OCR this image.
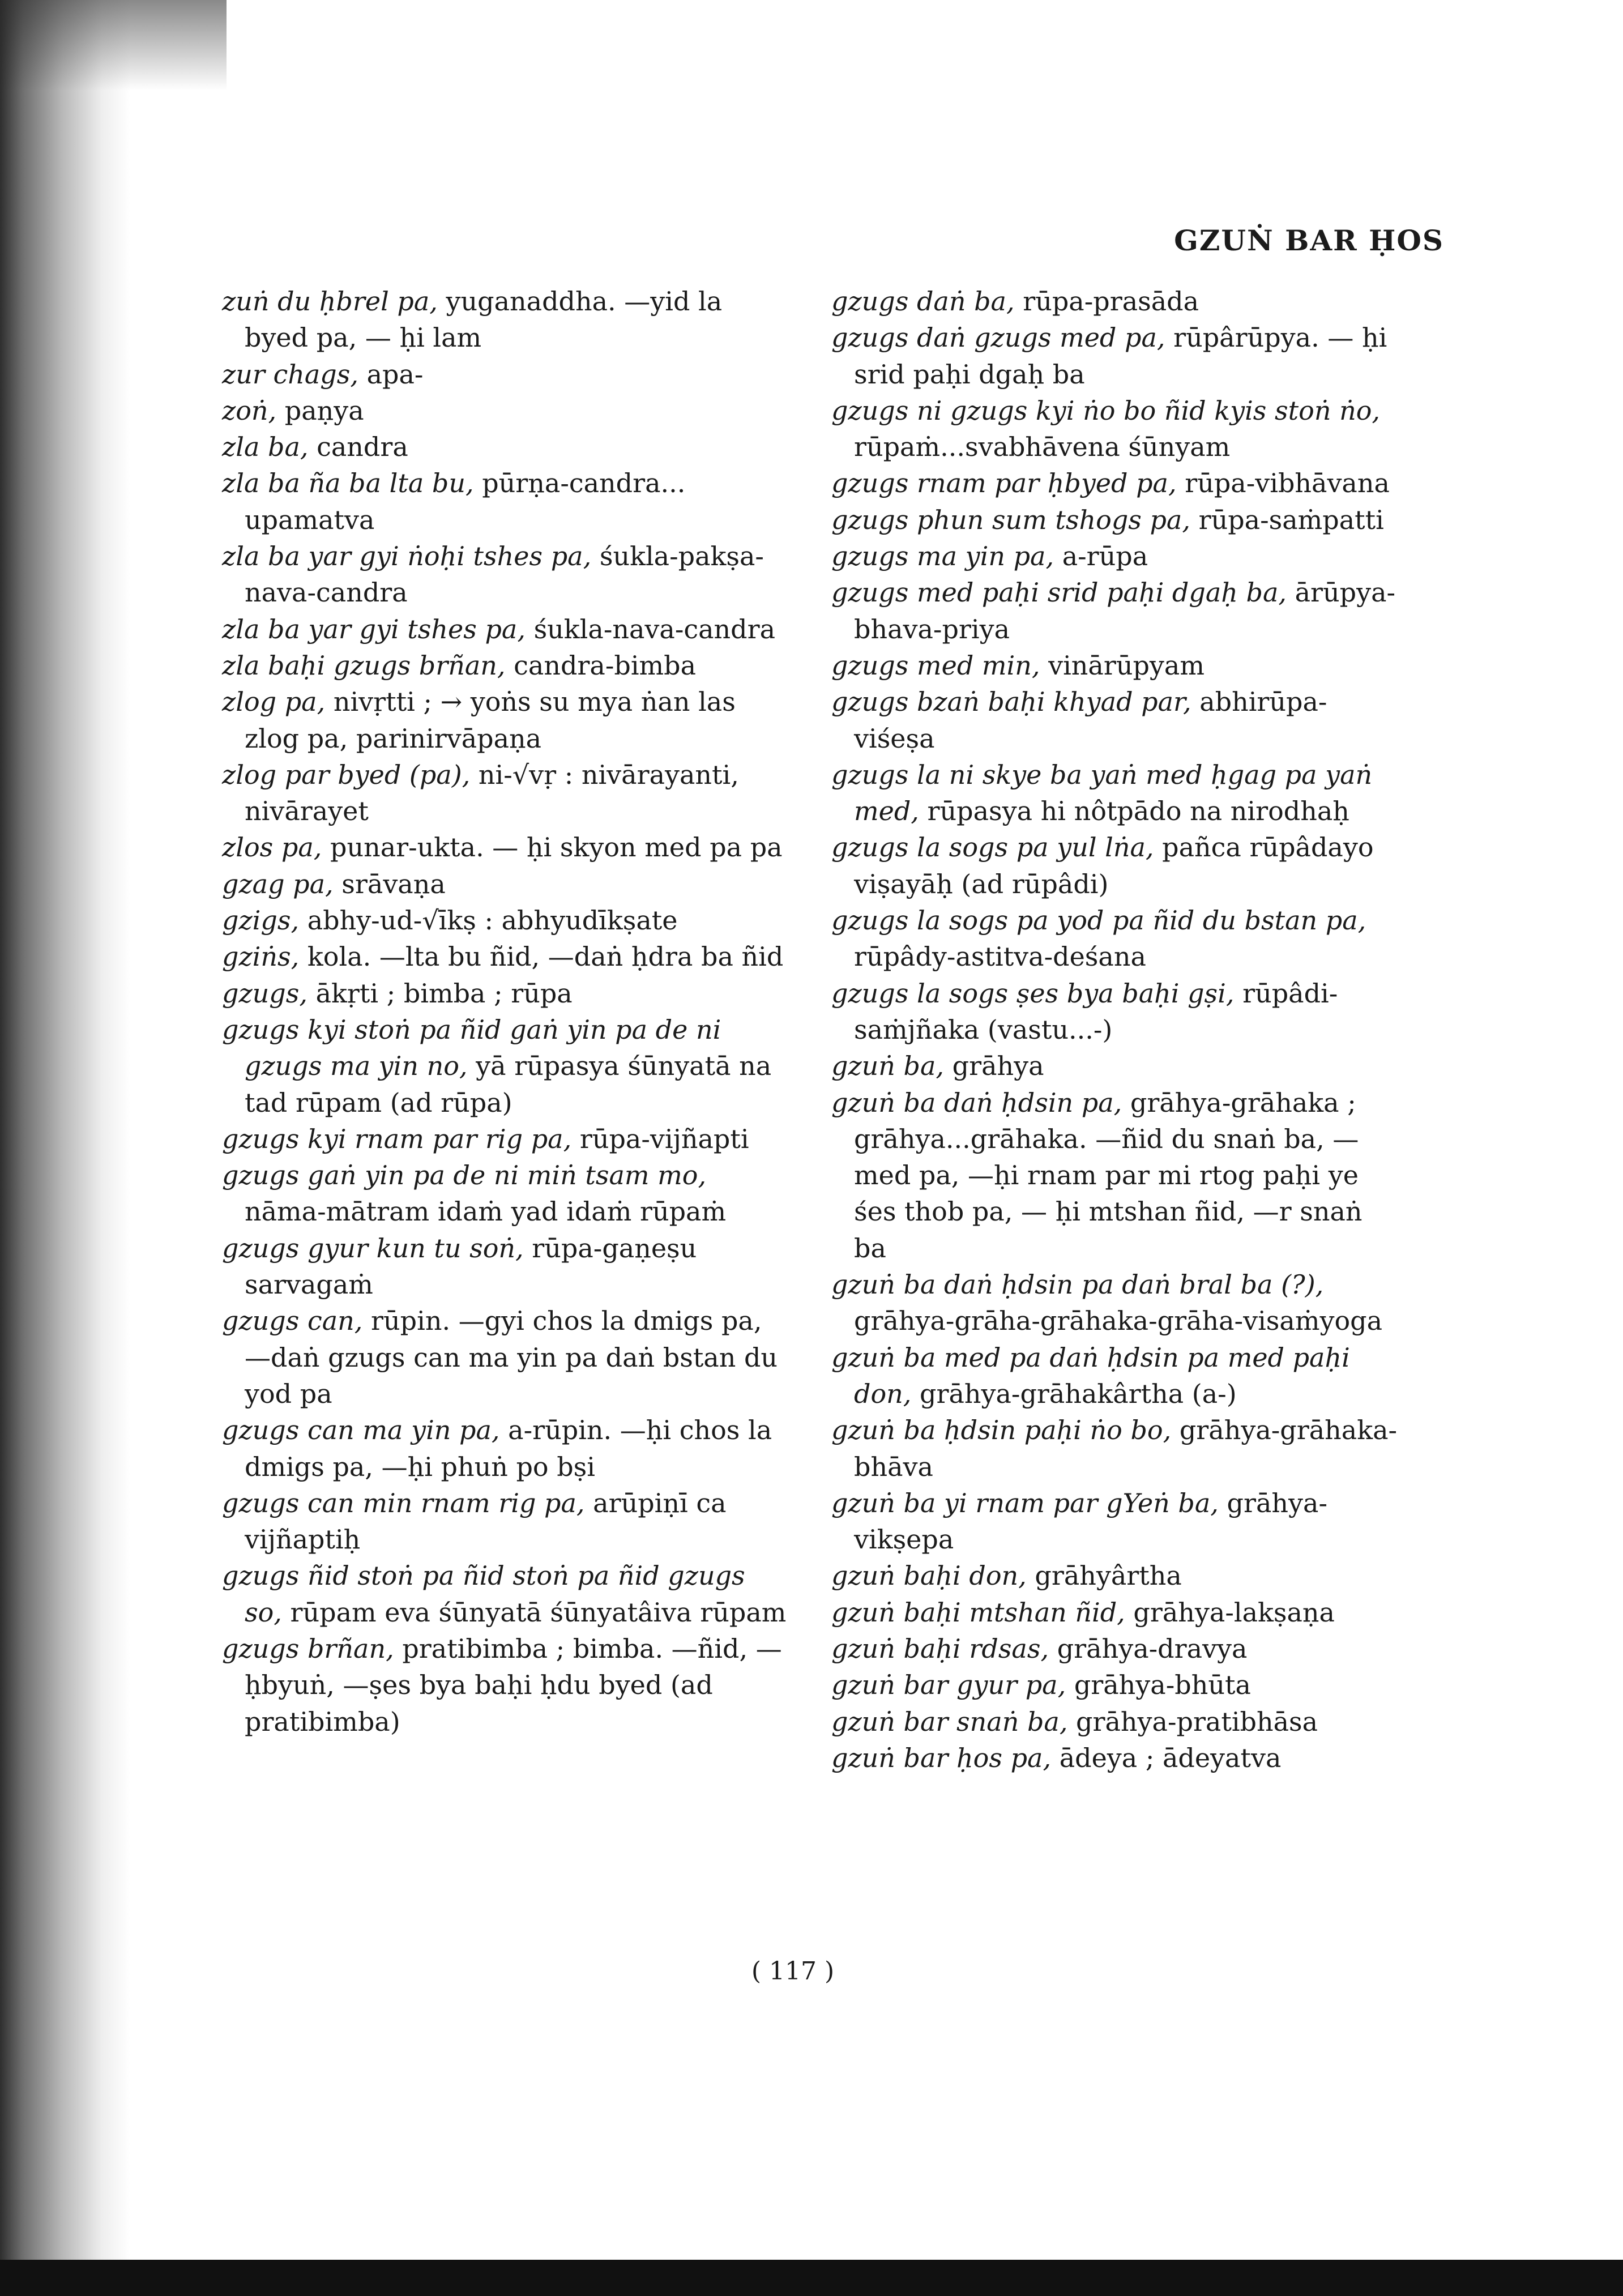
GZUṄ BAR ḤOS

zuṅ du ḥbrel pa, yuganaddha. —yid la byed pa, — ḥi lam

zur chags, apa-

zoṅ, paṇya

zla ba, candra

zla ba ña ba lta bu, pūrṇa-candra... upamatva

zla ba yar gyi ṅoḥi tshes pa, śukla-pakṣa-nava-candra

zla ba yar gyi tshes pa, śukla-nava-candra

zla baḥi gzugs brñan, candra-bimba

zlog pa, nivṛtti ; → yoṅs su mya ṅan las zlog pa, parinirvāpaṇa

zlog par byed (pa), ni-√vṛ : nivārayanti, nivārayet

zlos pa, punar-ukta. — ḥi skyon med pa pa

gzag pa, srāvaṇa

gzigs, abhy-ud-√īkṣ : abhyudīkṣate

gziṅs, kola. —lta bu ñid, —daṅ ḥdra ba ñid

gzugs, ākṛti ; bimba ; rūpa

gzugs kyi stoṅ pa ñid gaṅ yin pa de ni gzugs ma yin no, yā rūpasya śūnyatā na tad rūpam (ad rūpa)

gzugs kyi rnam par rig pa, rūpa-vijñapti

gzugs gaṅ yin pa de ni miṅ tsam mo, nāma-mātram idaṁ yad idaṁ rūpaṁ

gzugs gyur kun tu soṅ, rūpa-gaṇeṣu sarvagaṁ

gzugs can, rūpin. —gyi chos la dmigs pa, —daṅ gzugs can ma yin pa daṅ bstan du yod pa

gzugs can ma yin pa, a-rūpin. —ḥi chos la dmigs pa, —ḥi phuṅ po bṣi

gzugs can min rnam rig pa, arūpiṇī ca vijñaptiḥ

gzugs ñid stoṅ pa ñid stoṅ pa ñid gzugs so, rūpam eva śūnyatā śūnyatâiva rūpam

gzugs brñan, pratibimba ; bimba. —ñid, —ḥbyuṅ, —ṣes bya baḥi ḥdu byed (ad pratibimba)

gzugs daṅ ba, rūpa-prasāda

gzugs daṅ gzugs med pa, rūpârūpya. — ḥi srid paḥi dgaḥ ba

gzugs ni gzugs kyi ṅo bo ñid kyis stoṅ ṅo, rūpaṁ...svabhāvena śūnyam

gzugs rnam par ḥbyed pa, rūpa-vibhāvana

gzugs phun sum tshogs pa, rūpa-saṁpatti

gzugs ma yin pa, a-rūpa

gzugs med paḥi srid paḥi dgaḥ ba, ārūpya-bhava-priya

gzugs med min, vinārūpyam

gzugs bzaṅ baḥi khyad par, abhirūpa-viśeṣa

gzugs la ni skye ba yaṅ med ḥgag pa yaṅ med, rūpasya hi nôtpādo na nirodhaḥ

gzugs la sogs pa yul lṅa, pañca rūpâdayo viṣayāḥ (ad rūpâdi)

gzugs la sogs pa yod pa ñid du bstan pa, rūpâdy-astitva-deśana

gzugs la sogs ṣes bya baḥi gṣi, rūpâdi-saṁjñaka (vastu...-)

gzuṅ ba, grāhya

gzuṅ ba daṅ ḥdsin pa, grāhya-grāhaka ; grāhya...grāhaka. —ñid du snaṅ ba, —med pa, —ḥi rnam par mi rtog paḥi ye śes thob pa, — ḥi mtshan ñid, —r snaṅ ba

gzuṅ ba daṅ ḥdsin pa daṅ bral ba (?), grāhya-grāha-grāhaka-grāha-visaṁyoga

gzuṅ ba med pa daṅ ḥdsin pa med paḥi don, grāhya-grāhakârtha (a-)

gzuṅ ba ḥdsin paḥi ṅo bo, grāhya-grāhaka-bhāva

gzuṅ ba yi rnam par gYeṅ ba, grāhya-vikṣepa

gzuṅ baḥi don, grāhyârtha

gzuṅ baḥi mtshan ñid, grāhya-lakṣaṇa

gzuṅ baḥi rdsas, grāhya-dravya

gzuṅ bar gyur pa, grāhya-bhūta

gzuṅ bar snaṅ ba, grāhya-pratibhāsa

gzuṅ bar ḥos pa, ādeya ; ādeyatva

( 117 )
